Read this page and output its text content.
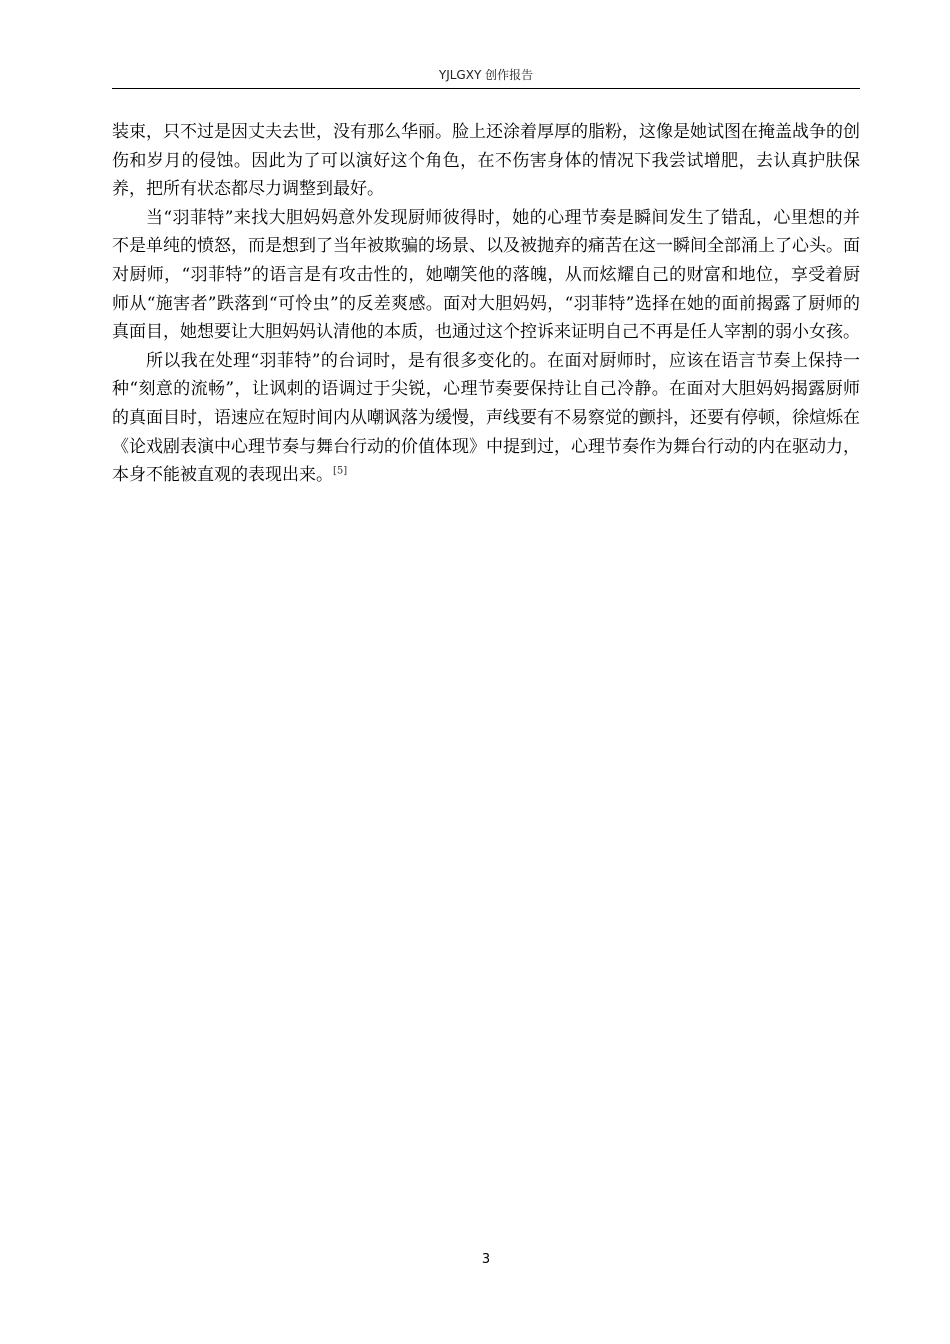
YJLGXY 创作报告

装束，只不过是因丈夫去世，没有那么华丽。脸上还涂着厚厚的脂粉，这像是她试图在掩盖战争的创伤和岁月的侵蚀。因此为了可以演好这个角色，在不伤害身体的情况下我尝试增肥，去认真护肤保养，把所有状态都尽力调整到最好。

当“羽菲特”来找大胆妈妈意外发现厨师彼得时，她的心理节奏是瞬间发生了错乱，心里想的并不是单纯的愤怒，而是想到了当年被欺骗的场景、以及被抛弃的痛苦在这一瞬间全部涌上了心头。面对厨师，“羽菲特”的语言是有攻击性的，她嘲笑他的落魄，从而炫耀自己的财富和地位，享受着厨师从“施害者”跌落到“可怜虫”的反差爽感。面对大胆妈妈，“羽菲特”选择在她的面前揭露了厨师的真面目，她想要让大胆妈妈认清他的本质，也通过这个控诉来证明自己不再是任人宰割的弱小女孩。

所以我在处理“羽菲特”的台词时，是有很多变化的。在面对厨师时，应该在语言节奏上保持一种“刻意的流畅”，让讽刺的语调过于尖锐，心理节奏要保持让自己冷静。在面对大胆妈妈揭露厨师的真面目时，语速应在短时间内从嘲讽落为缓慢，声线要有不易察觉的颤抖，还要有停顿，徐煊烁在《论戏剧表演中心理节奏与舞台行动的价值体现》中提到过，心理节奏作为舞台行动的内在驱动力，本身不能被直观的表现出来。[5]

3
